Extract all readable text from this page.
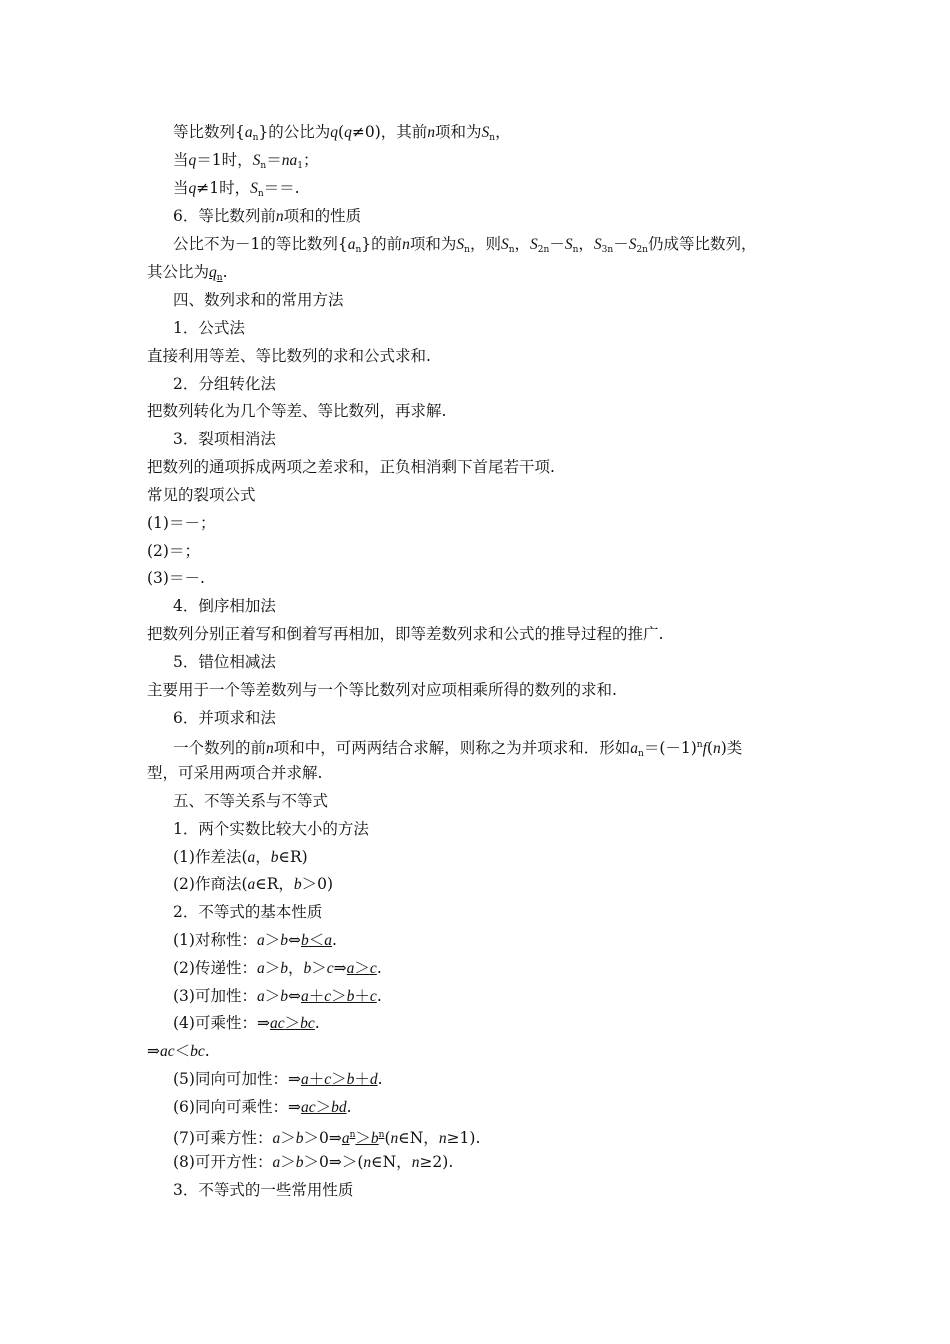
等比数列$\{a_n\}$的公比为q(q≠0)，其前n项和为$S_n$，
当q＝1时，$S_n=na_1$；
当q≠1时，$S_n==$.
6．等比数列前n项和的性质
公比不为－1的等比数列$\{a_n\}$的前n项和为$S_n$，则$S_n$，$S_{2n}-S_n$，$S_{3n}-S_{2n}$仍成等比数列，
其公比为$q_n$.
四、数列求和的常用方法
1．公式法
直接利用等差、等比数列的求和公式求和.
2．分组转化法
把数列转化为几个等差、等比数列，再求解.
3．裂项相消法
把数列的通项拆成两项之差求和，正负相消剩下首尾若干项.
常见的裂项公式
(1)＝－；
(2)＝；
(3)＝－.
4．倒序相加法
把数列分别正着写和倒着写再相加，即等差数列求和公式的推导过程的推广.
5．错位相减法
主要用于一个等差数列与一个等比数列对应项相乘所得的数列的求和.
6．并项求和法
一个数列的前n项和中，可两两结合求解，则称之为并项求和．形如$a_n=(-1)^nf(n)$类
型，可采用两项合并求解.
五、不等关系与不等式
1．两个实数比较大小的方法
(1)作差法(a，b∈R)
(2)作商法(a∈R，b＞0)
2．不等式的基本性质
(1)对称性：a＞b⇔b＜a.
(2)传递性：a＞b，b＞c⇒a＞c.
(3)可加性：a＞b⇔a＋c＞b＋c.
(4)可乘性：⇒ac＞bc.
⇒ac＜bc.
(5)同向可加性：⇒a＋c＞b＋d.
(6)同向可乘性：⇒ac＞bd.
(7)可乘方性：$a>b>0\Rightarrow a^n>b^n(n\in N$，n≥1).
(8)可开方性：a＞b＞0⇒＞(n∈N，n≥2).
3．不等式的一些常用性质
